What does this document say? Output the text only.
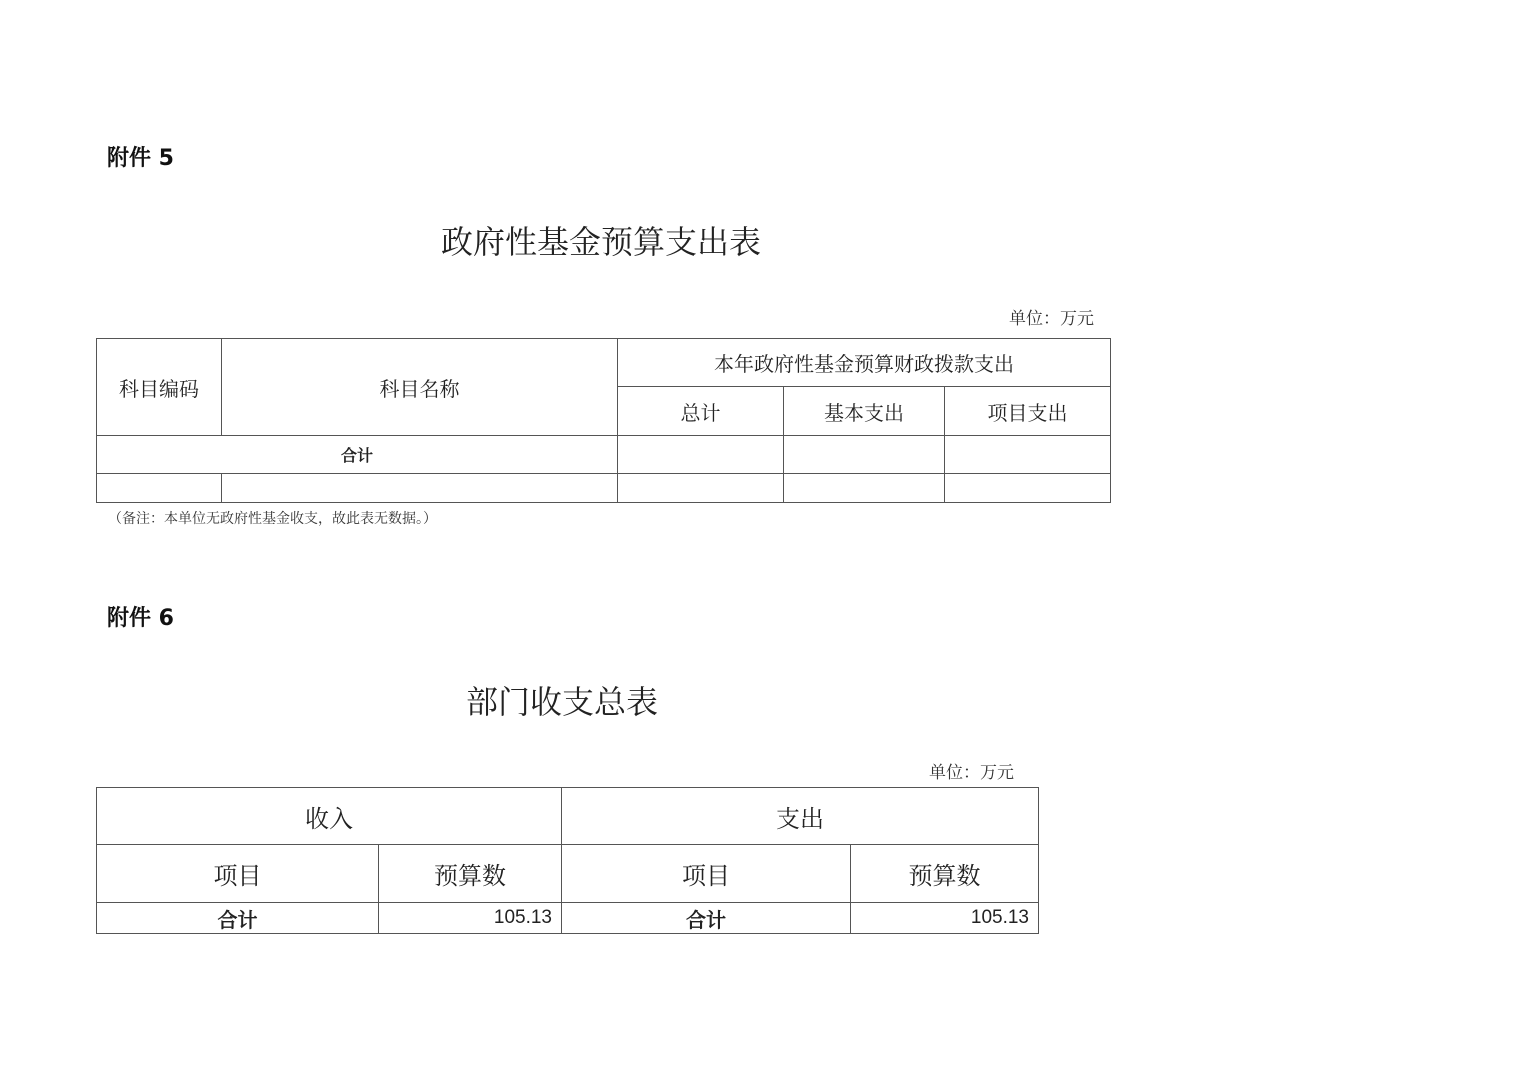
附件 5
政府性基金预算支出表
单位：万元
科目编码	科目名称	本年政府性基金预算财政拨款支出		
		总计	基本支出	项目支出
合计				

（备注：本单位无政府性基金收支，故此表无数据。）
附件 6
部门收支总表
单位：万元
收入		支出	
项目	预算数	项目	预算数
合计	105.13	合计	105.13
